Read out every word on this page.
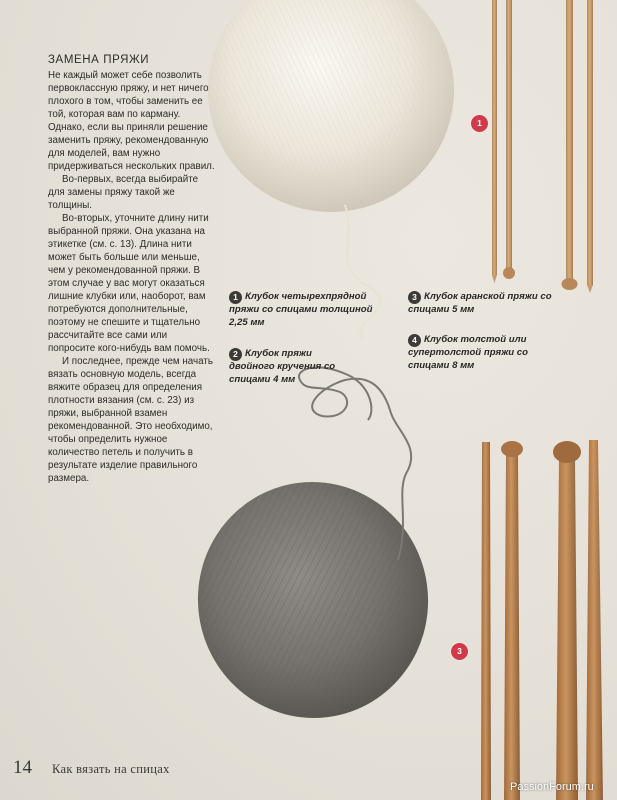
ЗАМЕНА ПРЯЖИ

Не каждый может себе позволить первоклассную пряжу, и нет ничего плохого в том, чтобы заменить ее той, которая вам по карману. Однако, если вы приняли решение заменить пряжу, рекомендованную для моделей, вам нужно придерживаться нескольких правил.

Во-первых, всегда выбирайте для замены пряжу такой же толщины.

Во-вторых, уточните длину нити выбранной пряжи. Она указана на этикетке (см. с. 13). Длина нити может быть больше или меньше, чем у рекомендованной пряжи. В этом случае у вас могут оказаться лишние клубки или, наоборот, вам потребуются дополнительные, поэтому не спешите и тщательно рассчитайте все сами или попросите кого-нибудь вам помочь.

И последнее, прежде чем начать вязать основную модель, всегда вяжите образец для определения плотности вязания (см. с. 23) из пряжи, выбранной взамен рекомендованной. Это необходимо, чтобы определить нужное количество петель и получить в результате изделие правильного размера.

1 Клубок четырехпрядной пряжи со спицами толщиной 2,25 мм
2 Клубок пряжи двойного кручения со спицами 4 мм
3 Клубок аранской пряжи со спицами 5 мм
4 Клубок толстой или супертолстой пряжи со спицами 8 мм
1
3
14 Как вязать на спицах
PassionForum.ru
